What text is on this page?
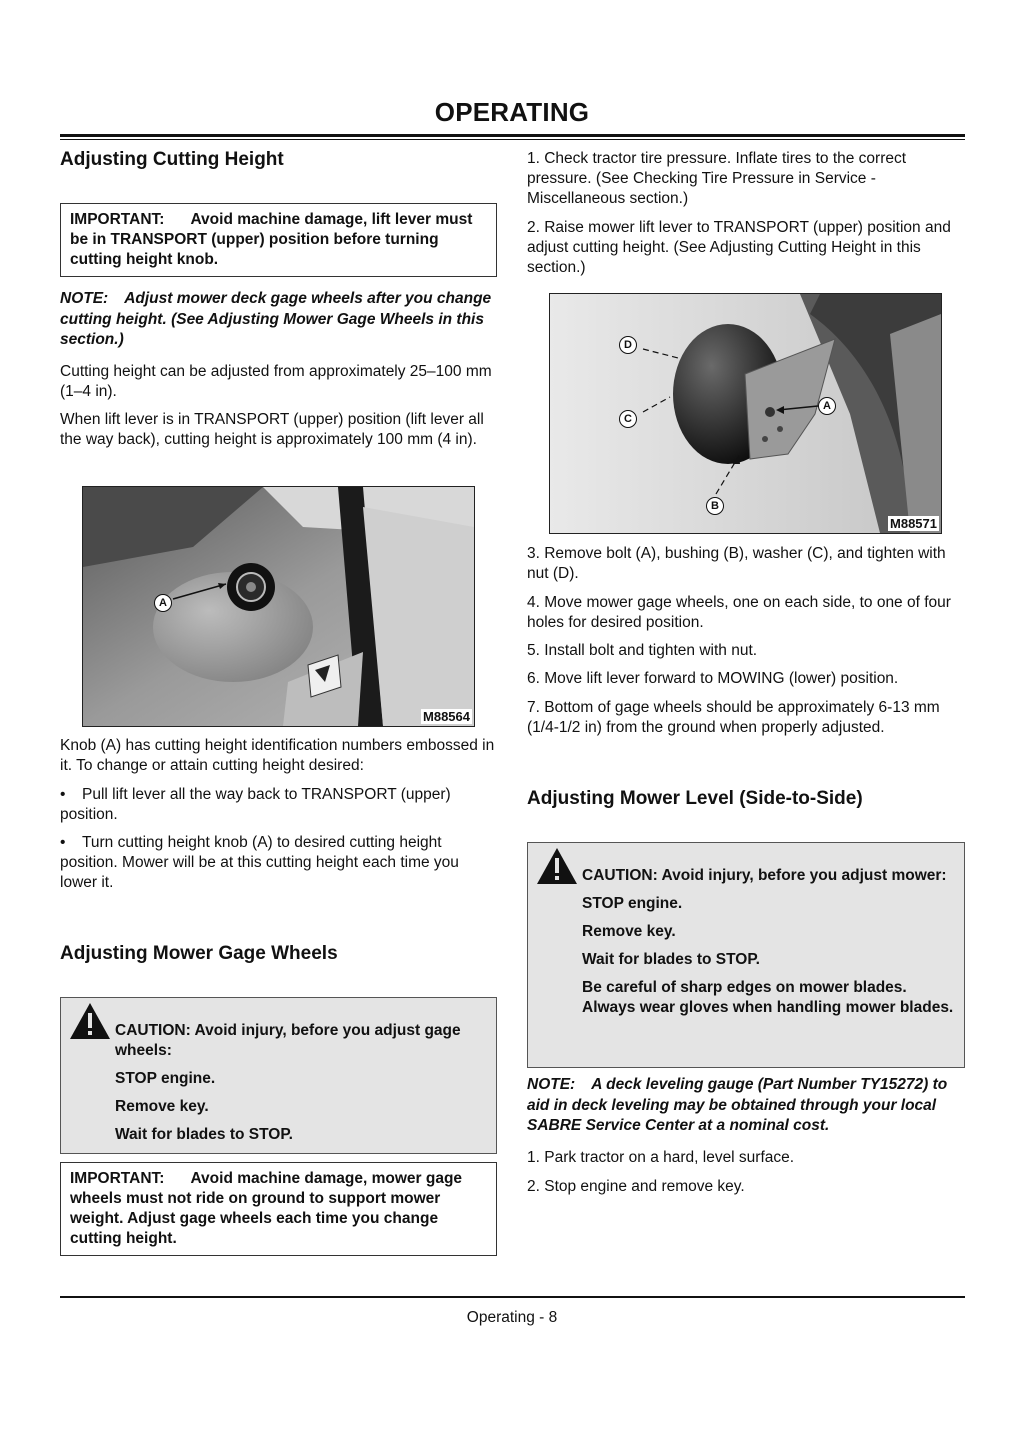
OPERATING
Adjusting Cutting Height
IMPORTANT: Avoid machine damage, lift lever must be in TRANSPORT (upper) position before turning cutting height knob.
NOTE: Adjust mower deck gage wheels after you change cutting height. (See Adjusting Mower Gage Wheels in this section.)

Cutting height can be adjusted from approximately 25–100 mm (1–4 in).

When lift lever is in TRANSPORT (upper) position (lift lever all the way back), cutting height is approximately 100 mm (4 in).

A
M88564

Knob (A) has cutting height identification numbers embossed in it. To change or attain cutting height desired:

• Pull lift lever all the way back to TRANSPORT (upper) position.

• Turn cutting height knob (A) to desired cutting height position. Mower will be at this cutting height each time you lower it.

Adjusting Mower Gage Wheels
CAUTION: Avoid injury, before you adjust gage wheels:
STOP engine.
Remove key.
Wait for blades to STOP.
IMPORTANT: Avoid machine damage, mower gage wheels must not ride on ground to support mower weight. Adjust gage wheels each time you change cutting height.

1. Check tractor tire pressure. Inflate tires to the correct pressure. (See Checking Tire Pressure in Service - Miscellaneous section.)

2. Raise mower lift lever to TRANSPORT (upper) position and adjust cutting height. (See Adjusting Cutting Height in this section.)

D
C
A
B
M88571

3. Remove bolt (A), bushing (B), washer (C), and tighten with nut (D).

4. Move mower gage wheels, one on each side, to one of four holes for desired position.

5. Install bolt and tighten with nut.

6. Move lift lever forward to MOWING (lower) position.

7. Bottom of gage wheels should be approximately 6-13 mm (1/4-1/2 in) from the ground when properly adjusted.

Adjusting Mower Level (Side-to-Side)
CAUTION: Avoid injury, before you adjust mower:
STOP engine.
Remove key.
Wait for blades to STOP.
Be careful of sharp edges on mower blades. Always wear gloves when handling mower blades.
NOTE: A deck leveling gauge (Part Number TY15272) to aid in deck leveling may be obtained through your local SABRE Service Center at a nominal cost.

1. Park tractor on a hard, level surface.

2. Stop engine and remove key.

Operating - 8
